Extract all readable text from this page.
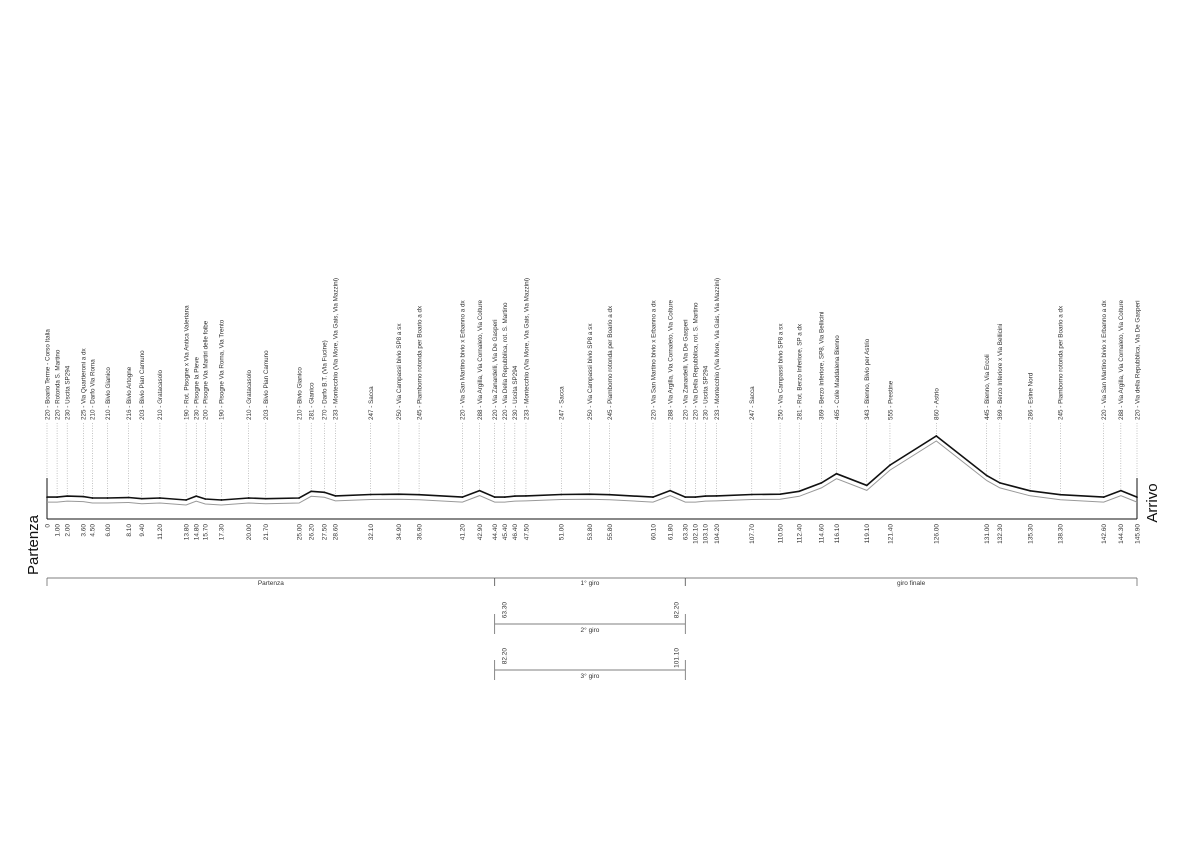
220 - Boario Terme - Corso Italia
0
220 - Rotonda S. Martino
1.00
230 - Uscita SP294
2.00
225 - Via Quartieroni a dx
3.60
210 - Darfo Via Roma
4.50
210 - Bivio Gianico
6.00
216 - Bivio Artogne
8.10
203 - Bivio Pian Camuno
9.40
210 - Gratacasolo
11.20
190 - Rot. Pisogne x Via Antica Valeriana
13.80
230 - Pisogne la Pieve
14.80
200 - Pisogne Via Martiri delle foibe
15.70
190 - Pisogne Via Roma, Via Trento
17.30
210 - Gratacasolo
20.00
203 - Bivio Pian Camuno
21.70
210 - Bivio Gianico
25.00
281 - Gianico
26.20
270 - Darfo B.T. (Via Fucine)
27.50
233 - Montecchio (Via More, Via Gais, Via Mazzini)
28.60
247 - Sacca
32.10
250 - Via Campassi bivio SP8 a sx
34.90
245 - Piamborno rotonda per Boario a dx
36.90
220 - Via San Martino bivio x Erbanno a dx
41.20
288 - Via Argilla, Via Cornaleto, Via Colture
42.90
220 - Via Zanardelli, Via De Gasperi
44.40
220 - Via Della Repubblica, rot. S. Martino
45.40
230 - Uscita SP294
46.40
233 - Montecchio (Via More, Via Gais, Via Mazzini)
47.50
247 - Sacca
51.00
250 - Via Campassi bivio SP8 a sx
53.80
245 - Piamborno rotonda per Boario a dx
55.80
220 - Via San Martino bivio x Erbanno a dx
60.10
288 - Via Argilla, Via Cornaleto, Via Colture
61.80
220 - Via Zanardelli, Via De Gasperi
63.30
220 - Via Della Repubblica, rot. S. Martino
102.10
230 - Uscita SP294
103.10
233 - Montecchio (Via More, Via Gais, Via Mazzini)
104.20
247 - Sacca
107.70
250 - Via Campassi bivio SP8 a sx
110.50
281 - Rot. Berzo Inferiore, SP a dx
112.40
369 - Berzo Inferiore, SP8, Via Bellicini
114.60
465 - Colle Maddalena Bienno
116.10
343 - Bienno, Bivio per Astrio
119.10
555 - Prestine
121.40
860 - Astrio
126.00
445 - Bienno, Via Ercoli
131.00
369 - Berzo Inferiore x Via Bellicini
132.30
286 - Esine Nord
135.30
245 - Piamborno rotonda per Boario a dx
138.30
220 - Via San Martino bivio x Erbanno a dx
142.60
288 - Via Argilla, Via Cornaleto, Via Colture
144.30
220 - Via della Repubblica, Via De Gasperi
145.90
Partenza	1° giro	giro finale
2° giro
63.30	82.20
3° giro
82.20	101.10
Partenza
Arrivo
